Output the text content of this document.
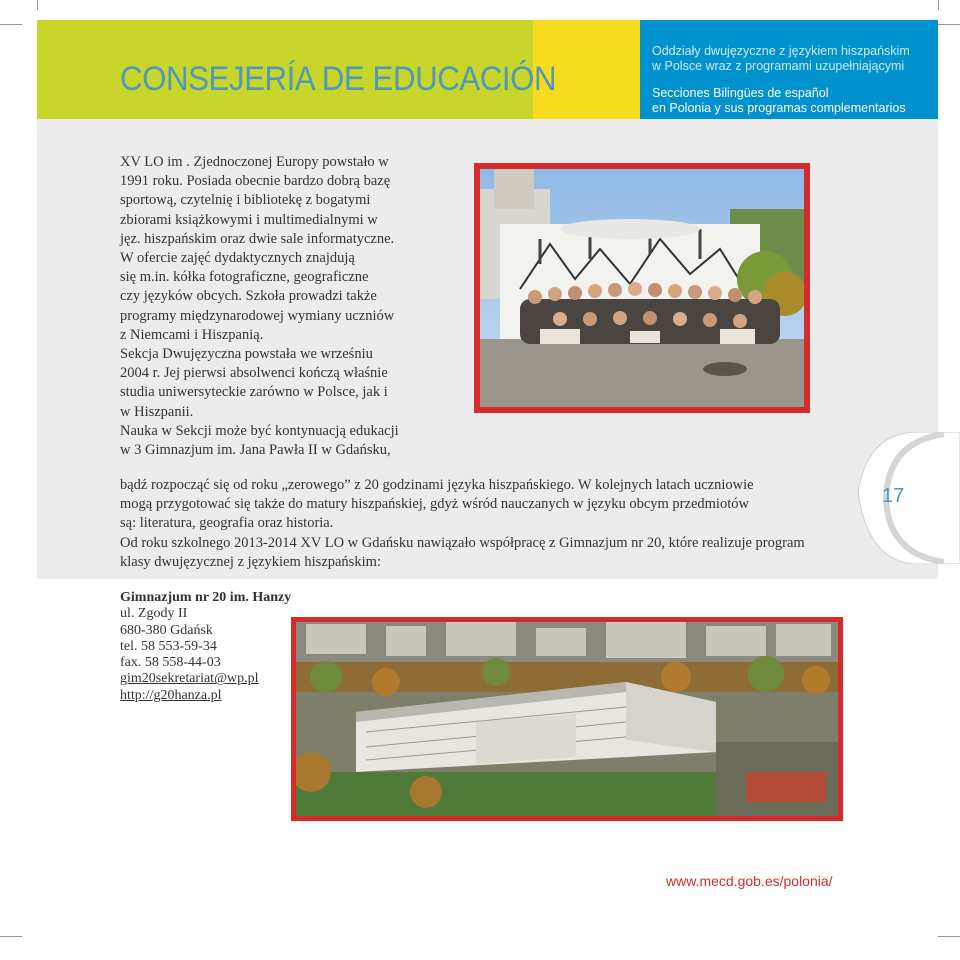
CONSEJERÍA DE EDUCACIÓN
Oddziały dwujęzyczne z językiem hiszpańskim
w Polsce wraz z programami uzupełniającymi
Secciones Bilingües de español
en Polonia y sus programas complementarios

XV LO im . Zjednoczonej Europy powstało w

1991 roku. Posiada obecnie bardzo dobrą bazę

sportową, czytelnię i bibliotekę z bogatymi

zbiorami książkowymi i multimedialnymi w

jęz. hiszpańskim oraz dwie sale informatyczne.

W ofercie zajęć dydaktycznych znajdują

się m.in. kółka fotograficzne, geograficzne

czy języków obcych. Szkoła prowadzi także

programy międzynarodowej wymiany uczniów

z Niemcami i Hiszpanią.

Sekcja Dwujęzyczna powstała we wrześniu

2004 r. Jej pierwsi absolwenci kończą właśnie

studia uniwersyteckie zarówno w Polsce, jak i

w Hiszpanii.

Nauka w Sekcji może być kontynuacją edukacji

w 3 Gimnazjum im. Jana Pawła II w Gdańsku,

17

bądź rozpocząć się od roku „zerowego” z 20 godzinami języka hiszpańskiego. W kolejnych latach uczniowie

mogą przygotować się także do matury hiszpańskiej, gdyż wśród nauczanych w języku obcym przedmiotów

są: literatura, geografia oraz historia.

Od roku szkolnego 2013-2014 XV LO w Gdańsku nawiązało współpracę z Gimnazjum nr 20, które realizuje program

klasy dwujęzycznej z językiem hiszpańskim:

Gimnazjum nr 20 im. Hanzy
ul. Zgody II
680-380 Gdańsk
tel. 58 553-59-34
fax. 58 558-44-03
gim20sekretariat@wp.pl
http://g20hanza.pl
www.mecd.gob.es/polonia/
